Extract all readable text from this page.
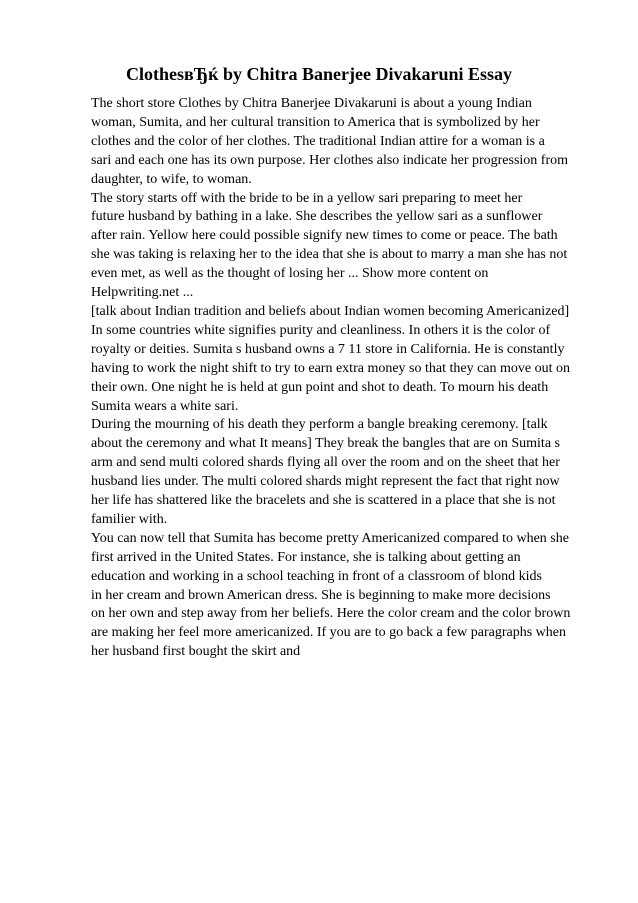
ClothesвЂќ by Chitra Banerjee Divakaruni Essay
The short store Clothes by Chitra Banerjee Divakaruni is about a young Indian
woman, Sumita, and her cultural transition to America that is symbolized by her
clothes and the color of her clothes. The traditional Indian attire for a woman is a
sari and each one has its own purpose. Her clothes also indicate her progression from
daughter, to wife, to woman.
The story starts off with the bride to be in a yellow sari preparing to meet her
future husband by bathing in a lake. She describes the yellow sari as a sunflower
after rain. Yellow here could possible signify new times to come or peace. The bath
she was taking is relaxing her to the idea that she is about to marry a man she has not
even met, as well as the thought of losing her ... Show more content on
Helpwriting.net ...
[talk about Indian tradition and beliefs about Indian women becoming Americanized]
In some countries white signifies purity and cleanliness. In others it is the color of
royalty or deities. Sumita s husband owns a 7 11 store in California. He is constantly
having to work the night shift to try to earn extra money so that they can move out on
their own. One night he is held at gun point and shot to death. To mourn his death
Sumita wears a white sari.
During the mourning of his death they perform a bangle breaking ceremony. [talk
about the ceremony and what It means] They break the bangles that are on Sumita s
arm and send multi colored shards flying all over the room and on the sheet that her
husband lies under. The multi colored shards might represent the fact that right now
her life has shattered like the bracelets and she is scattered in a place that she is not
familier with.
You can now tell that Sumita has become pretty Americanized compared to when she
first arrived in the United States. For instance, she is talking about getting an
education and working in a school teaching in front of a classroom of blond kids
in her cream and brown American dress. She is beginning to make more decisions
on her own and step away from her beliefs. Here the color cream and the color brown
are making her feel more americanized. If you are to go back a few paragraphs when
her husband first bought the skirt and
